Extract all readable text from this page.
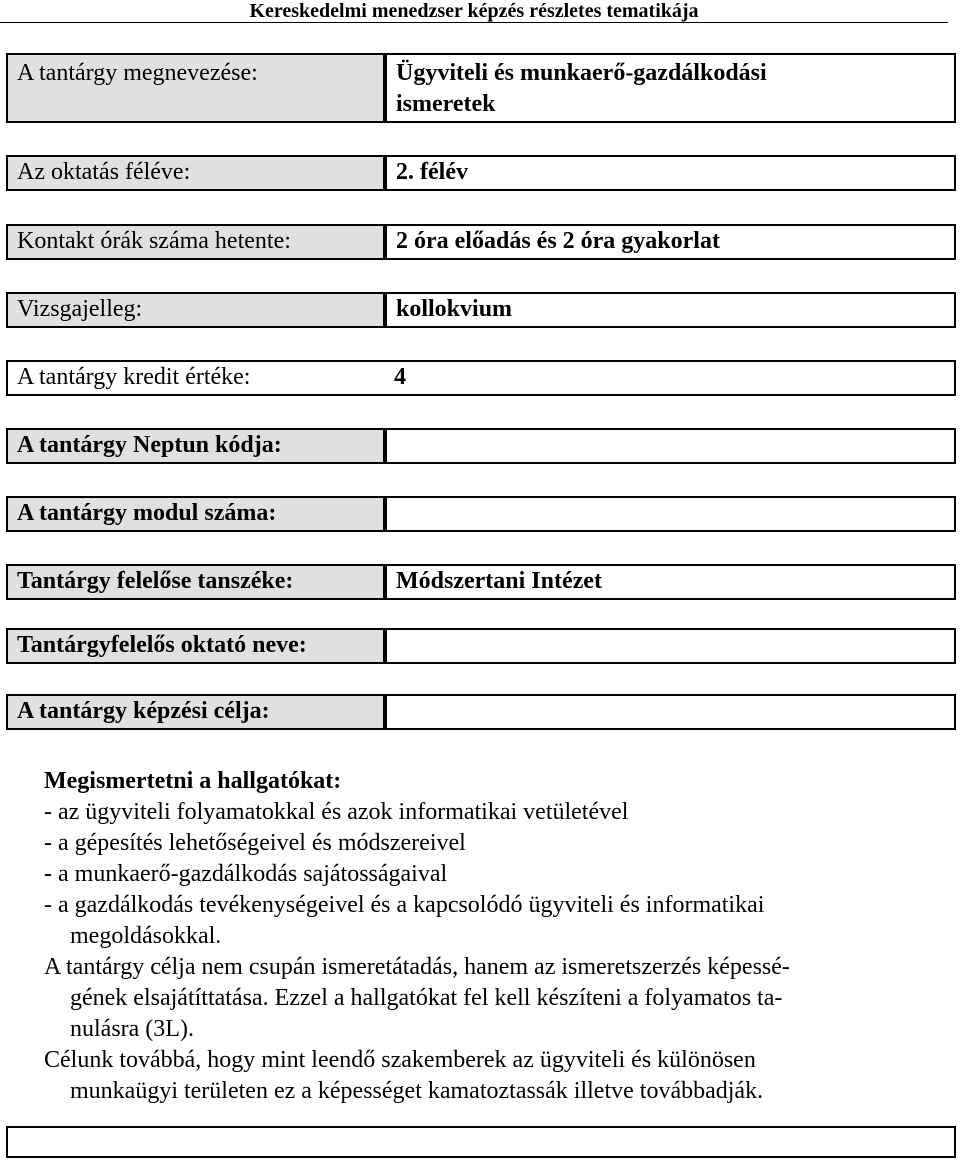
Kereskedelmi menedzser képzés részletes tematikája
A tantárgy megnevezése:	Ügyviteli és munkaerő-gazdálkodási
ismeretek
Az oktatás féléve:	2. félév
Kontakt órák száma hetente:	2 óra előadás és 2 óra gyakorlat
Vizsgajelleg:	kollokvium
A tantárgy kredit értéke:	4
A tantárgy Neptun kódja:
A tantárgy modul száma:
Tantárgy felelőse tanszéke:	Módszertani Intézet
Tantárgyfelelős oktató neve:
A tantárgy képzési célja:
Megismertetni a hallgatókat:
- az ügyviteli folyamatokkal és azok informatikai vetületével
- a gépesítés lehetőségeivel és módszereivel
- a munkaerő-gazdálkodás sajátosságaival
- a gazdálkodás tevékenységeivel és a kapcsolódó ügyviteli és informatikai
megoldásokkal.
A tantárgy célja nem csupán ismeretátadás, hanem az ismeretszerzés képessé-
gének elsajátíttatása. Ezzel a hallgatókat fel kell készíteni a folyamatos ta-
nulásra (3L).
Célunk továbbá, hogy mint leendő szakemberek az ügyviteli és különösen
munkaügyi területen ez a képességet kamatoztassák illetve továbbadják.
